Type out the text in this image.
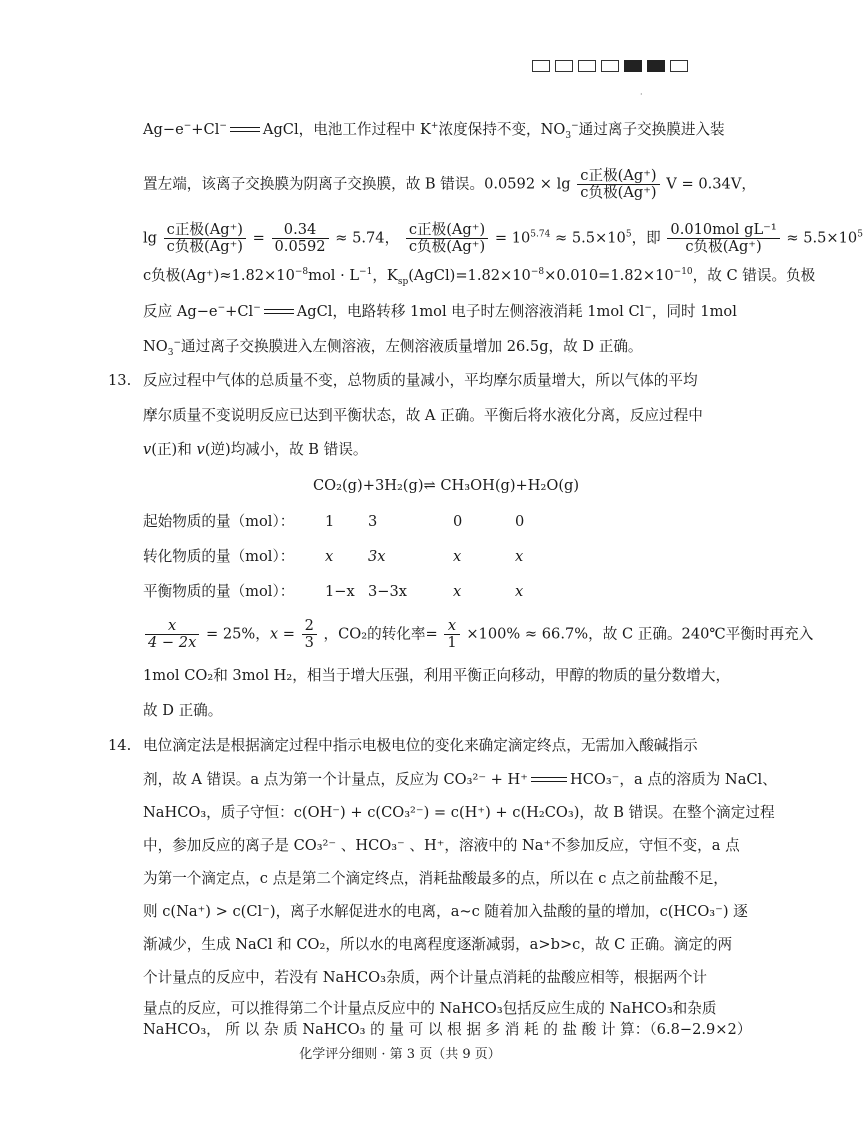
·
Ag−e−+Cl− AgCl，电池工作过程中 K+浓度保持不变，$NO_3^-$通过离子交换膜进入装
置左端，该离子交换膜为阴离子交换膜，故 B 错误。$0.0592 \times \lg \frac{\text{c正极(Ag⁺)}}{\text{c负极(Ag⁺)}}$ V = 0.34V，
$\lg \frac{\text{c正极(Ag⁺)}}{\text{c负极(Ag⁺)}} = \frac{0.34}{0.0592} \approx 5.74$， $\frac{\text{c正极(Ag⁺)}}{\text{c负极(Ag⁺)}} = 10^{5.74} \approx 5.5\times 10^5$，即 $\frac{\text{0.010mol gL⁻¹}}{\text{c负极(Ag⁺)}} \approx 5.5\times 10^5$
c负极$(Ag^+)\approx 1.82\times 10^{-8}mol \cdot L^{-1}$，$K_{sp}(AgCl)=1.82\times 10^{-8}\times 0.010=1.82\times 10^{-10}$，故 C 错误。负极
反应 Ag−e−+Cl− AgCl，电路转移 1mol 电子时左侧溶液消耗 1mol Cl−，同时 1mol
$NO_3^-$通过离子交换膜进入左侧溶液，左侧溶液质量增加 26.5g，故 D 正确。
13. 反应过程中气体的总质量不变，总物质的量减小，平均摩尔质量增大，所以气体的平均
摩尔质量不变说明反应已达到平衡状态，故 A 正确。平衡后将水液化分离，反应过程中
v(正)和 v(逆)均减小，故 B 错误。
CO₂(g)+3H₂(g)⇌ CH₃OH(g)+H₂O(g)
起始物质的量（mol）： 1 3	0	0
转化物质的量（mol）： x 3x	x	x
平衡物质的量（mol）： 1−x 3−3x	x	x
$\frac{x}{4 - 2x} = 25\%$，$x = \frac{2}{3}$ ，CO₂的转化率= $\frac{x}{1} \times 100\% \approx 66.7\%$，故 C 正确。240℃平衡时再充入
1mol CO₂和 3mol H₂，相当于增大压强，利用平衡正向移动，甲醇的物质的量分数增大，
故 D 正确。
14. 电位滴定法是根据滴定过程中指示电极电位的变化来确定滴定终点，无需加入酸碱指示
剂，故 A 错误。a 点为第一个计量点，反应为 CO₃²⁻ + H⁺	HCO₃⁻，a 点的溶质为 NaCl、
NaHCO₃，质子守恒：c(OH⁻) + c(CO₃²⁻) = c(H⁺) + c(H₂CO₃)，故 B 错误。在整个滴定过程
中，参加反应的离子是 CO₃²⁻ 、HCO₃⁻ 、H⁺，溶液中的 Na⁺不参加反应，守恒不变，a 点
为第一个滴定点，c 点是第二个滴定终点，消耗盐酸最多的点，所以在 c 点之前盐酸不足，
则 c(Na⁺) > c(Cl⁻)，离子水解促进水的电离，a~c 随着加入盐酸的量的增加，c(HCO₃⁻) 逐
渐减少，生成 NaCl 和 CO₂，所以水的电离程度逐渐减弱，a>b>c，故 C 正确。滴定的两
个计量点的反应中，若没有 NaHCO₃杂质，两个计量点消耗的盐酸应相等，根据两个计
量点的反应，可以推得第二个计量点反应中的 NaHCO₃包括反应生成的 NaHCO₃和杂质
NaHCO₃， 所 以 杂 质 NaHCO₃ 的 量 可 以 根 据 多 消 耗 的 盐 酸 计 算：（6.8−2.9×2）
化学评分细则 · 第 3 页（共 9 页）
